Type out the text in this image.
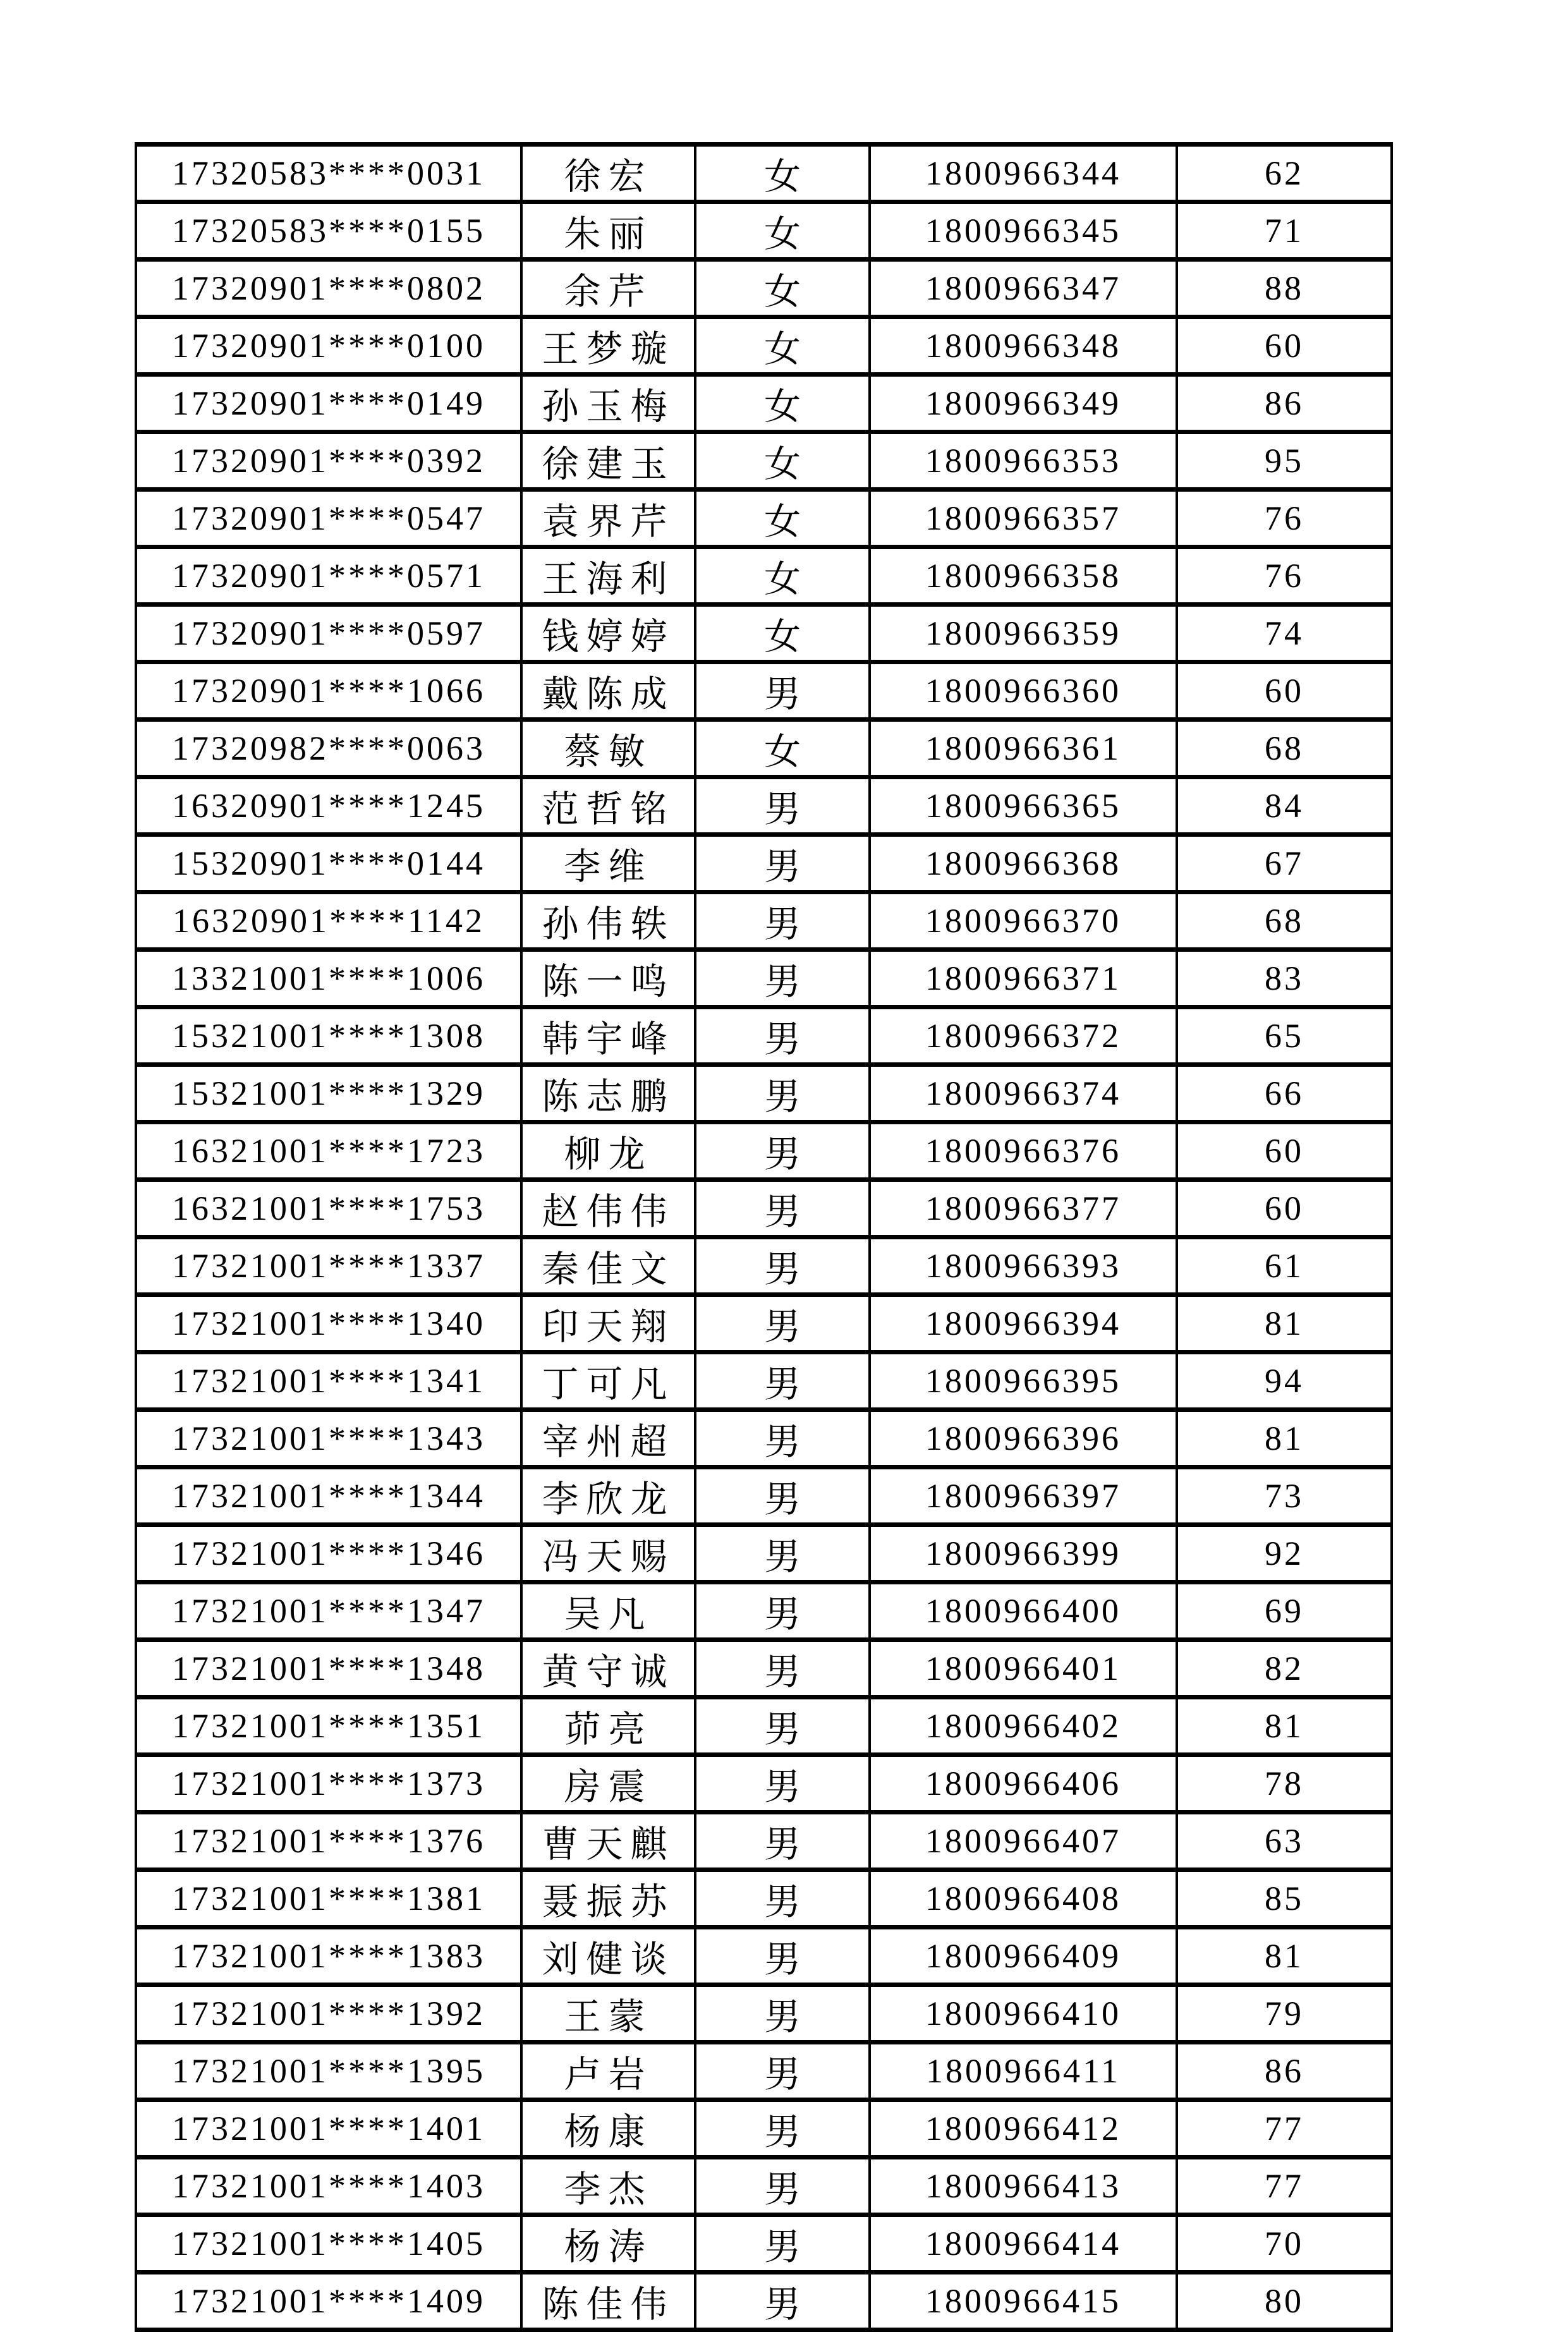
17320583****0031	徐宏	女	1800966344	62
17320583****0155	朱丽	女	1800966345	71
17320901****0802	余芹	女	1800966347	88
17320901****0100	王梦璇	女	1800966348	60
17320901****0149	孙玉梅	女	1800966349	86
17320901****0392	徐建玉	女	1800966353	95
17320901****0547	袁界芹	女	1800966357	76
17320901****0571	王海利	女	1800966358	76
17320901****0597	钱婷婷	女	1800966359	74
17320901****1066	戴陈成	男	1800966360	60
17320982****0063	蔡敏	女	1800966361	68
16320901****1245	范哲铭	男	1800966365	84
15320901****0144	李维	男	1800966368	67
16320901****1142	孙伟轶	男	1800966370	68
13321001****1006	陈一鸣	男	1800966371	83
15321001****1308	韩宇峰	男	1800966372	65
15321001****1329	陈志鹏	男	1800966374	66
16321001****1723	柳龙	男	1800966376	60
16321001****1753	赵伟伟	男	1800966377	60
17321001****1337	秦佳文	男	1800966393	61
17321001****1340	印天翔	男	1800966394	81
17321001****1341	丁可凡	男	1800966395	94
17321001****1343	宰州超	男	1800966396	81
17321001****1344	李欣龙	男	1800966397	73
17321001****1346	冯天赐	男	1800966399	92
17321001****1347	吴凡	男	1800966400	69
17321001****1348	黄守诚	男	1800966401	82
17321001****1351	茆亮	男	1800966402	81
17321001****1373	房震	男	1800966406	78
17321001****1376	曹天麒	男	1800966407	63
17321001****1381	聂振苏	男	1800966408	85
17321001****1383	刘健谈	男	1800966409	81
17321001****1392	王蒙	男	1800966410	79
17321001****1395	卢岩	男	1800966411	86
17321001****1401	杨康	男	1800966412	77
17321001****1403	李杰	男	1800966413	77
17321001****1405	杨涛	男	1800966414	70
17321001****1409	陈佳伟	男	1800966415	80
